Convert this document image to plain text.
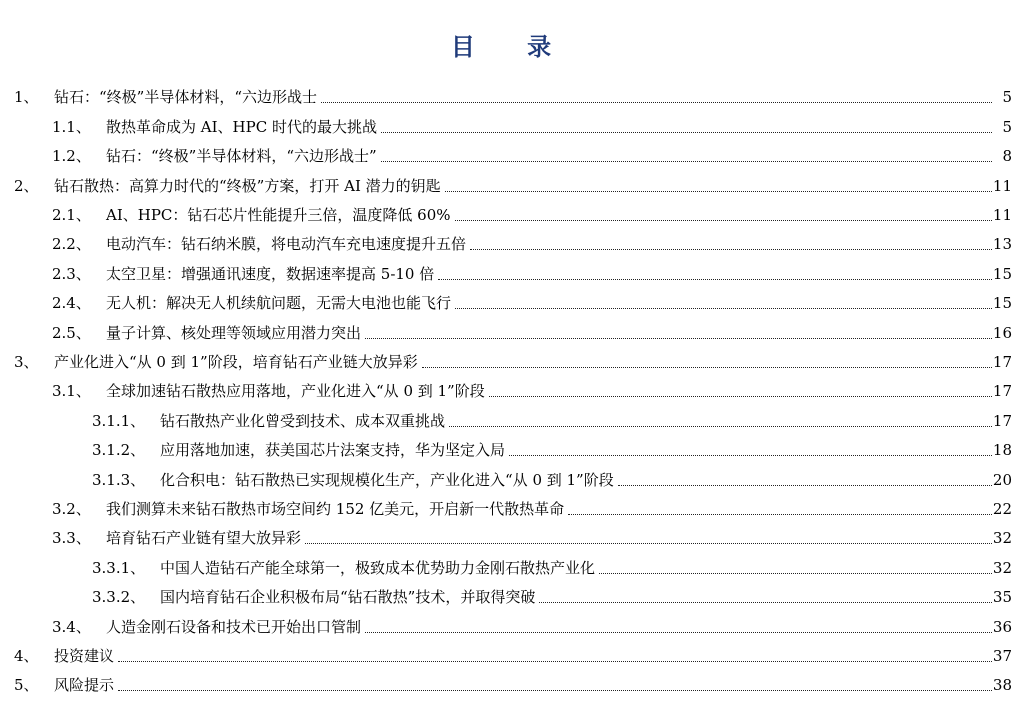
目 录
1、 钻石：“终极”半导体材料，“六边形战士	5
1.1、 散热革命成为 AI、HPC 时代的最大挑战	5
1.2、 钻石：“终极”半导体材料，“六边形战士”	8
2、 钻石散热：高算力时代的“终极”方案，打开 AI 潜力的钥匙	11
2.1、 AI、HPC：钻石芯片性能提升三倍，温度降低 60%	11
2.2、 电动汽车：钻石纳米膜，将电动汽车充电速度提升五倍	13
2.3、 太空卫星：增强通讯速度，数据速率提高 5-10 倍	15
2.4、 无人机：解决无人机续航问题，无需大电池也能飞行	15
2.5、 量子计算、核处理等领域应用潜力突出	16
3、 产业化进入“从 0 到 1”阶段，培育钻石产业链大放异彩	17
3.1、 全球加速钻石散热应用落地，产业化进入“从 0 到 1”阶段	17
3.1.1、 钻石散热产业化曾受到技术、成本双重挑战	17
3.1.2、 应用落地加速，获美国芯片法案支持，华为坚定入局	18
3.1.3、 化合积电：钻石散热已实现规模化生产，产业化进入“从 0 到 1”阶段	20
3.2、 我们测算未来钻石散热市场空间约 152 亿美元，开启新一代散热革命	22
3.3、 培育钻石产业链有望大放异彩	32
3.3.1、 中国人造钻石产能全球第一，极致成本优势助力金刚石散热产业化	32
3.3.2、 国内培育钻石企业积极布局“钻石散热”技术，并取得突破	35
3.4、 人造金刚石设备和技术已开始出口管制	36
4、 投资建议	37
5、 风险提示	38
